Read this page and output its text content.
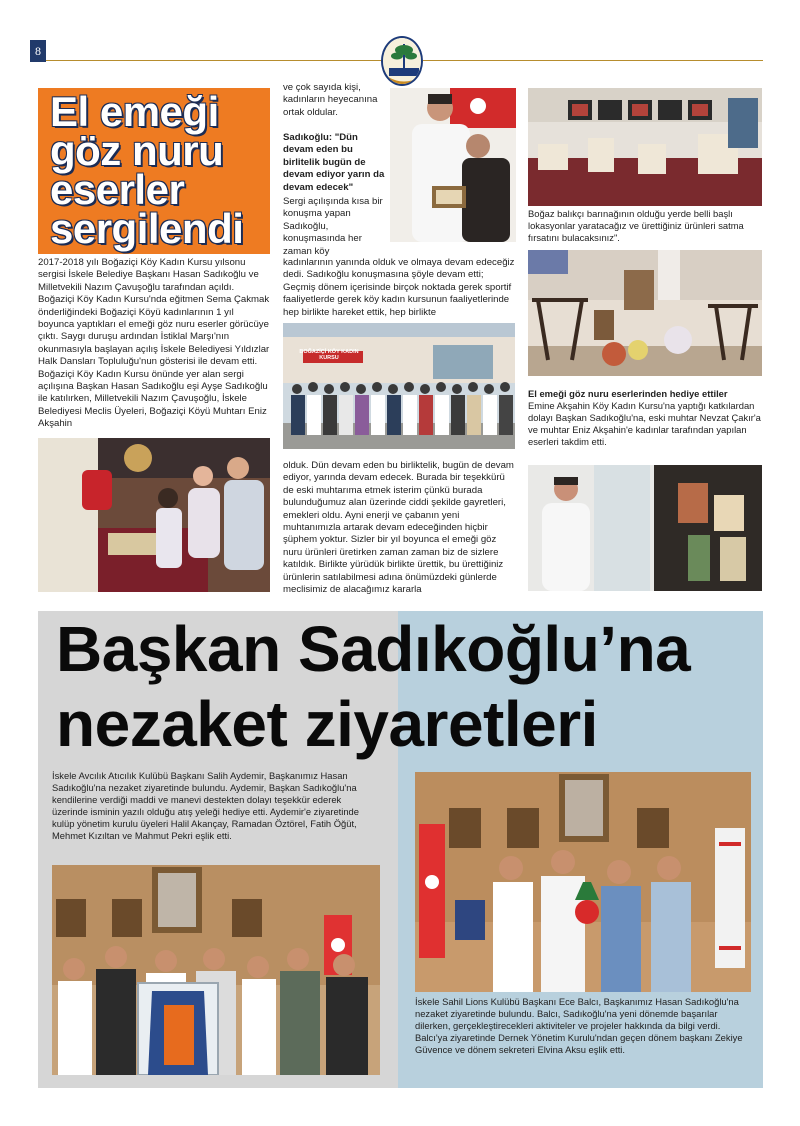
8
El emeği
göz nuru
eserler
sergilendi
2017-2018 yılı Boğaziçi Köy Kadın Kursu yılsonu sergisi İskele Belediye Başkanı Hasan Sadıkoğlu ve Milletvekili Nazım Çavuşoğlu tarafından açıldı. Boğaziçi Köy Kadın Kursu'nda eğitmen Sema Çakmak önderliğindeki Boğaziçi Köyü kadınlarının 1 yıl boyunca yaptıkları el emeği göz nuru eserler görücüye çıktı. Saygı duruşu ardından İstiklal Marşı'nın okunmasıyla başlayan açılış İskele Belediyesi Yıldızlar Halk Dansları Topluluğu'nun gösterisi ile devam etti. Boğaziçi Köy Kadın Kursu önünde yer alan sergi açılışına Başkan Hasan Sadıkoğlu eşi Ayşe Sadıkoğlu ile katılırken, Milletvekili Nazım Çavuşoğlu, İskele Belediyesi Meclis Üyeleri, Boğaziçi Köyü Muhtarı Eniz Akşahin
ve çok sayıda kişi, kadınların heyecanına ortak oldular.
Sadıkoğlu: "Dün devam eden bu birlitelik bugün de devam ediyor yarın da devam edecek"
Sergi açılışında kısa bir konuşma yapan Sadıkoğlu, konuşmasında her zaman köy
kadınlarının yanında olduk ve olmaya devam edeceğiz dedi. Sadıkoğlu konuşmasına şöyle devam etti; Geçmiş dönem içerisinde birçok noktada gerek sportif faaliyetlerde gerek köy kadın kursunun faaliyetlerinde hep birlikte hareket ettik, hep birlikte
BOĞAZİÇİ KÖY KADIN KURSU
olduk. Dün devam eden bu birliktelik, bugün de devam ediyor, yarında devam edecek. Burada bir teşekkürü de eski muhtarıma etmek isterim çünkü burada bulunduğumuz alan üzerinde ciddi şekilde gayretleri, emekleri oldu. Ayni enerji ve çabanın yeni muhtanımızla artarak devam edeceğinden hiçbir şüphem yoktur. Sizler bir yıl boyunca el emeği göz nuru ürünleri üretirken zaman zaman biz de sizlere katıldık. Birlikte yürüdük birlikte ürettik, bu ürettiğiniz ürünlerin satılabilmesi adına önümüzdeki günlerde meclisimiz de alacağımız kararla
Boğaz balıkçı barınağının olduğu yerde belli başlı lokasyonlar yaratacağız ve ürettiğiniz ürünleri satma fırsatını bulacaksınız".
El emeği göz nuru eserlerinden hediye ettiler
Emine Akşahin Köy Kadın Kursu'na yaptığı katkılardan dolayı Başkan Sadıkoğlu'na, eski muhtar Nevzat Çakır'a ve muhtar Eniz Akşahin'e kadınlar tarafından yapılan eserleri takdim etti.
Başkan Sadıkoğlu’na
nezaket ziyaretleri
İskele Avcılık Atıcılık Kulübü Başkanı Salih Aydemir, Başkanımız Hasan Sadıkoğlu'na nezaket ziyaretinde bulundu. Aydemir, Başkan Sadıkoğlu'na kendilerine verdiği maddi ve manevi destekten dolayı teşekkür ederek üzerinde isminin yazılı olduğu atış yeleği hediye etti. Aydemir'e ziyaretinde kulüp yönetim kurulu üyeleri Halil Akançay, Ramadan Öztörel, Fatih Öğüt, Mehmet Kızıltan ve Mahmut Pekri eşlik etti.
İskele Sahil Lions Kulübü Başkanı Ece Balcı, Başkanımız Hasan Sadıkoğlu'na nezaket ziyaretinde bulundu. Balcı, Sadıkoğlu'na yeni dönemde başarılar dilerken, gerçekleştirecekleri aktiviteler ve projeler hakkında da bilgi verdi. Balcı'ya ziyaretinde Dernek Yönetim Kurulu'ndan geçen dönem başkanı Zekiye Güvence ve dönem sekreteri Elvina Aksu eşlik etti.
